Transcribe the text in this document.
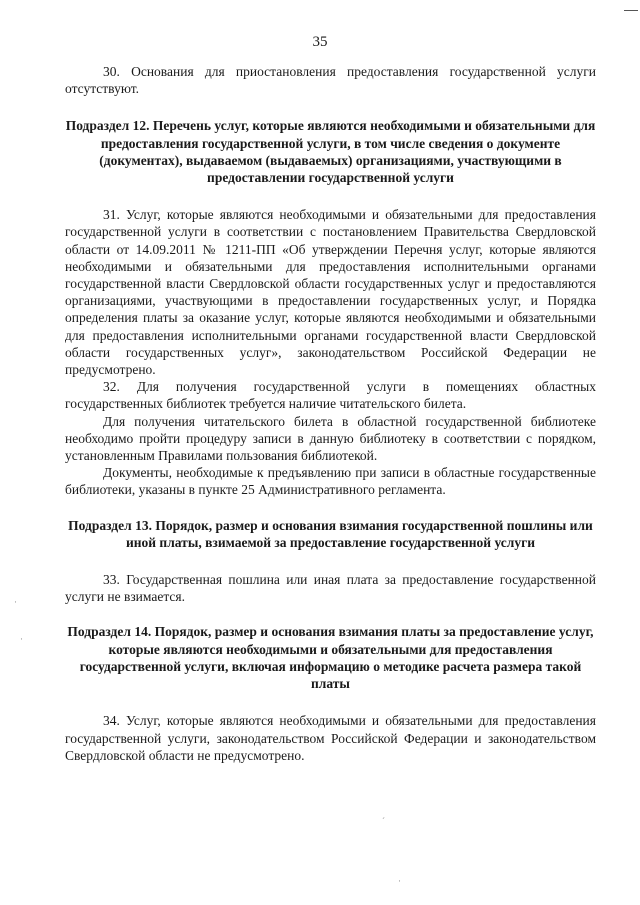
35

30. Основания для приостановления предоставления государственной услуги отсутствуют.

Подраздел 12. Перечень услуг, которые являются необходимыми и обязательными для предоставления государственной услуги, в том числе сведения о документе (документах), выдаваемом (выдаваемых) организациями, участвующими в предоставлении государственной услуги

31. Услуг, которые являются необходимыми и обязательными для предоставления государственной услуги в соответствии с постановлением Правительства Свердловской области от 14.09.2011 № 1211-ПП «Об утверждении Перечня услуг, которые являются необходимыми и обязательными для предоставления исполнительными органами государственной власти Свердловской области государственных услуг и предоставляются организациями, участвующими в предоставлении государственных услуг, и Порядка определения платы за оказание услуг, которые являются необходимыми и обязательными для предоставления исполнительными органами государственной власти Свердловской области государственных услуг», законодательством Российской Федерации не предусмотрено.

32. Для получения государственной услуги в помещениях областных государственных библиотек требуется наличие читательского билета.

Для получения читательского билета в областной государственной библиотеке необходимо пройти процедуру записи в данную библиотеку в соответствии с порядком, установленным Правилами пользования библиотекой.

Документы, необходимые к предъявлению при записи в областные государственные библиотеки, указаны в пункте 25 Административного регламента.

Подраздел 13. Порядок, размер и основания взимания государственной пошлины или иной платы, взимаемой за предоставление государственной услуги

33. Государственная пошлина или иная плата за предоставление государственной услуги не взимается.

Подраздел 14. Порядок, размер и основания взимания платы за предоставление услуг, которые являются необходимыми и обязательными для предоставления государственной услуги, включая информацию о методике расчета размера такой платы

34. Услуг, которые являются необходимыми и обязательными для предоставления государственной услуги, законодательством Российской Федерации и законодательством Свердловской области не предусмотрено.

·
·
ˊ
·
